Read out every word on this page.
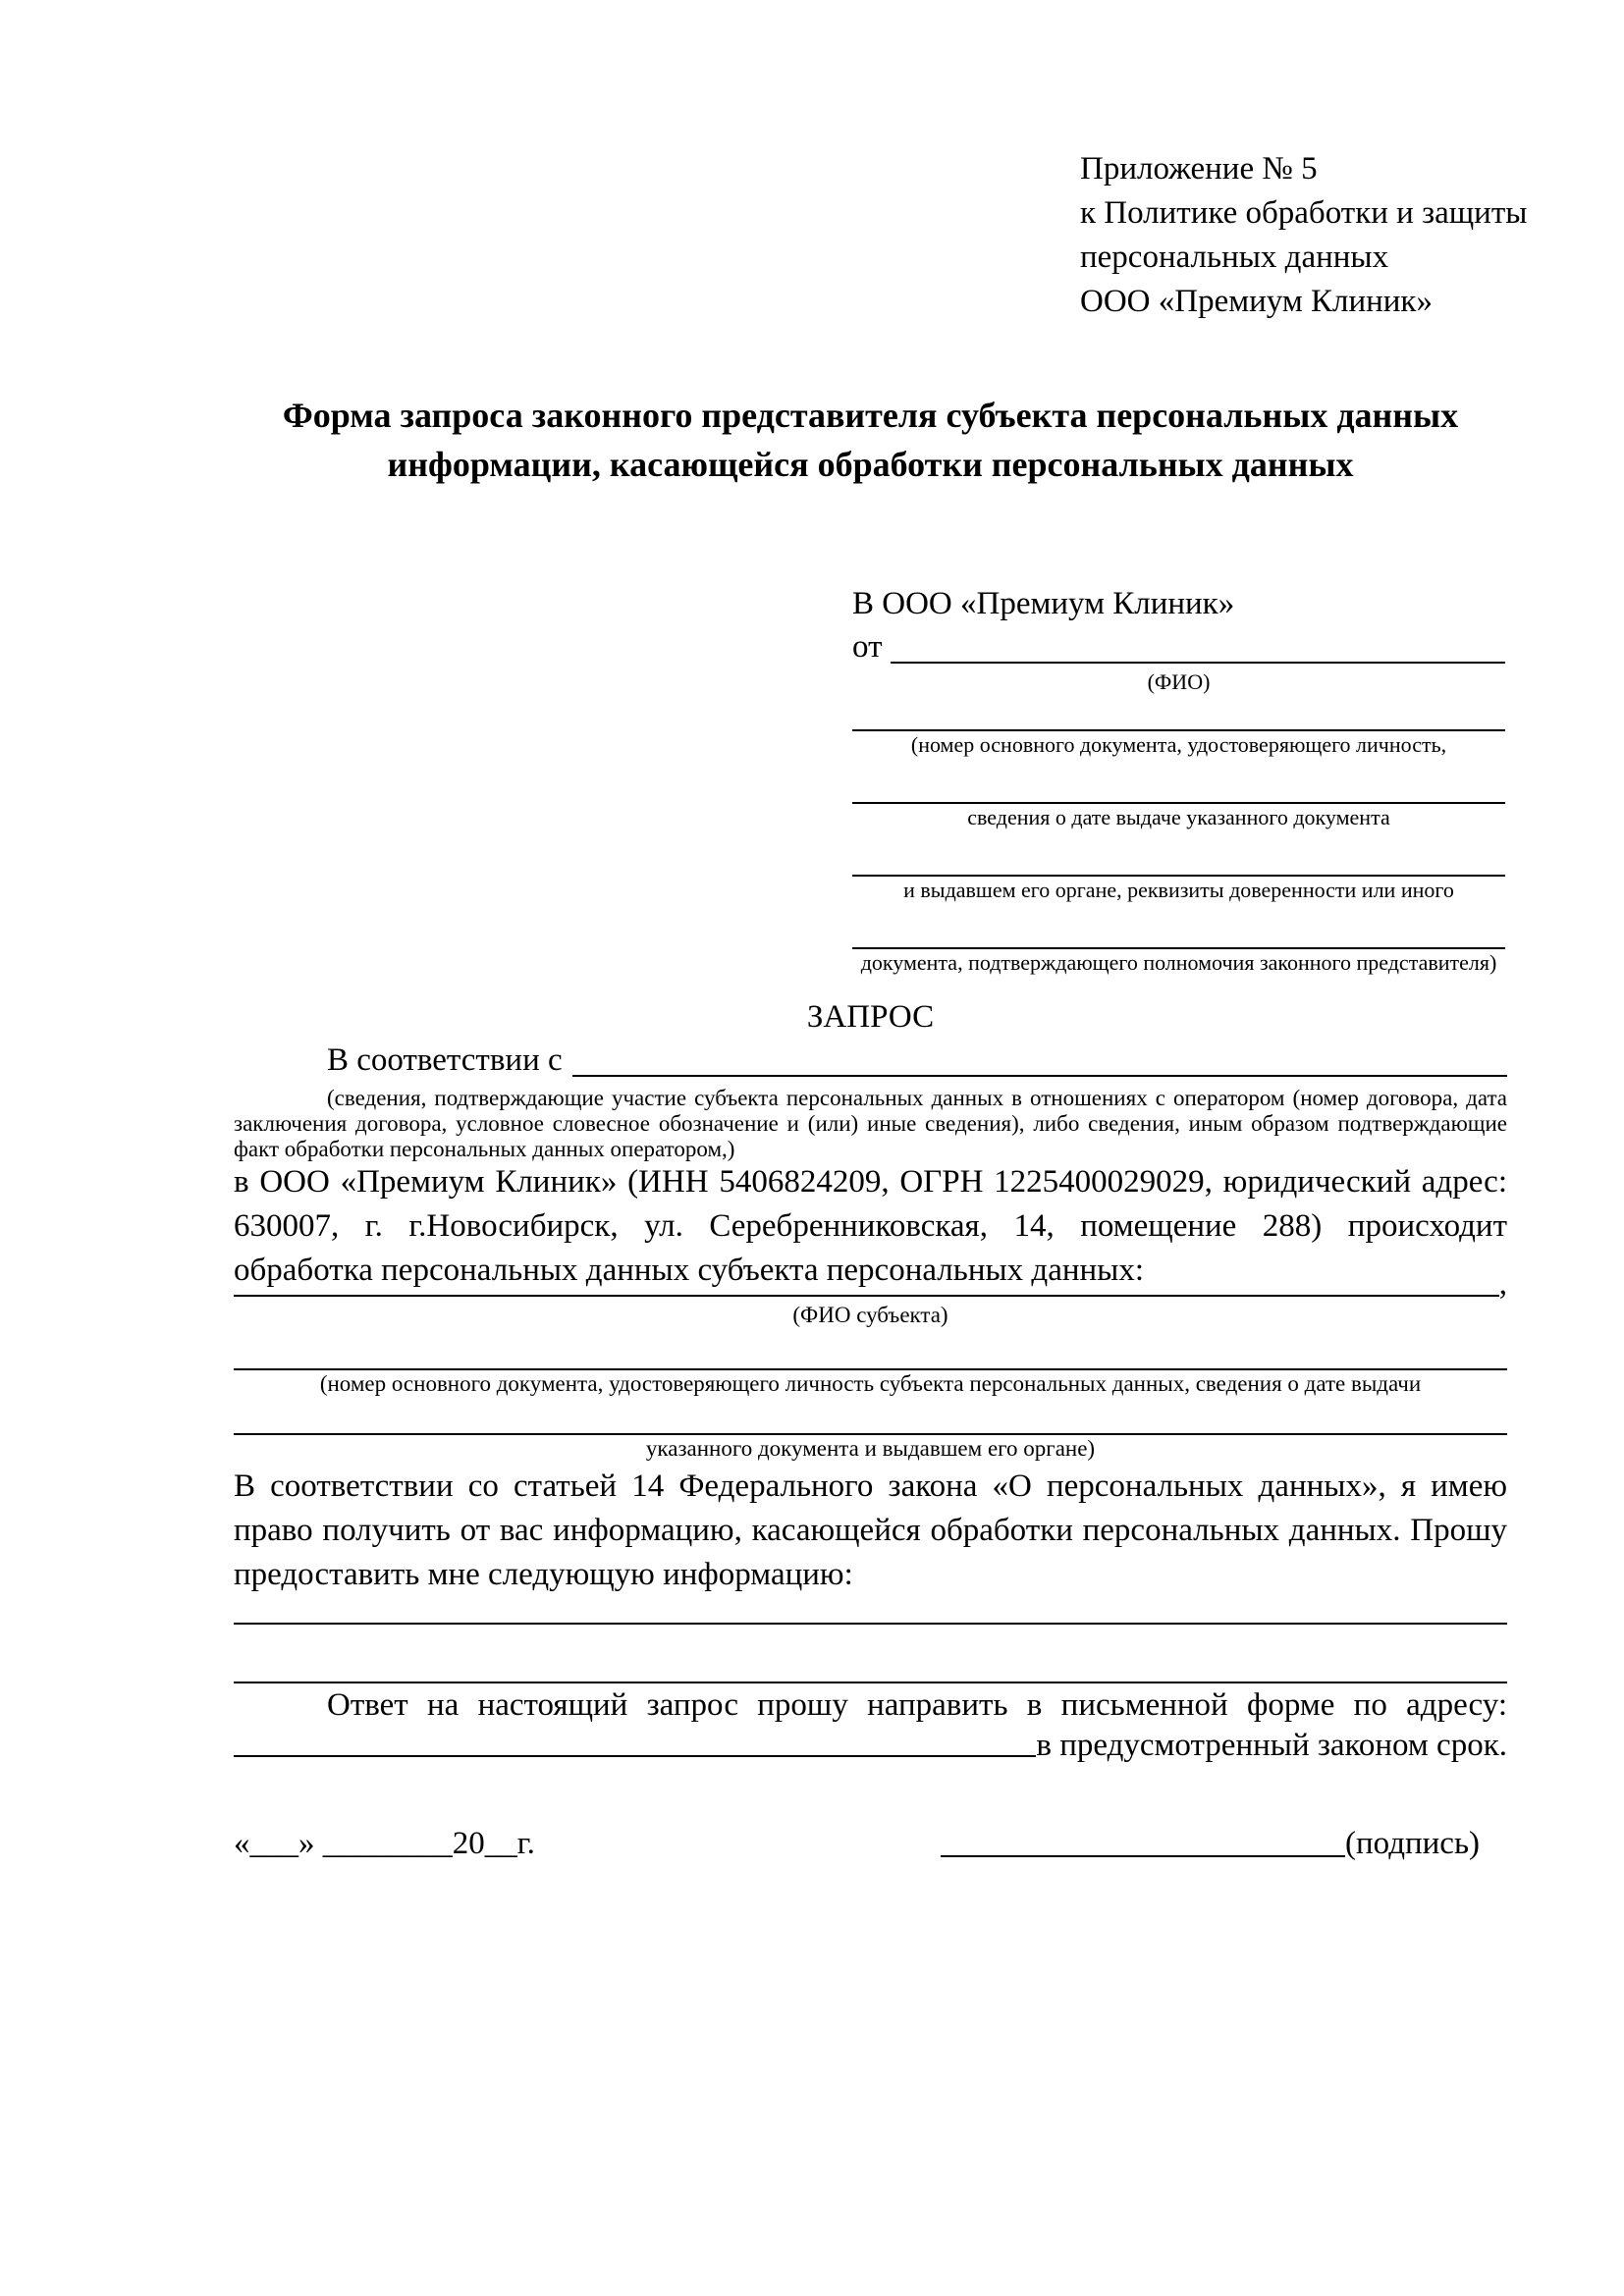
Приложение № 5
к Политике обработки и защиты
персональных данных
ООО «Премиум Клиник»
Форма запроса законного представителя субъекта персональных данных информации, касающейся обработки персональных данных
В ООО «Премиум Клиник»
от
(ФИО)
(номер основного документа, удостоверяющего личность,
сведения о дате выдаче указанного документа
и выдавшем его органе, реквизиты доверенности или иного
документа, подтверждающего полномочия законного представителя)
ЗАПРОС
В соответствии с
(сведения, подтверждающие участие субъекта персональных данных в отношениях с оператором (номер договора, дата заключения договора, условное словесное обозначение и (или) иные сведения), либо сведения, иным образом подтверждающие факт обработки персональных данных оператором,)

в ООО «Премиум Клиник» (ИНН 5406824209, ОГРН 1225400029029, юридический адрес: 630007, г. г.Новосибирск, ул. Серебренниковская, 14, помещение 288) происходит обработка персональных данных субъекта персональных данных:	,
(ФИО субъекта)
(номер основного документа, удостоверяющего личность субъекта персональных данных, сведения о дате выдачи
указанного документа и выдавшем его органе)

В соответствии со статьей 14 Федерального закона «О персональных данных», я имею право получить от вас информацию, касающейся обработки персональных данных. Прошу предоставить мне следующую информацию:

Ответ на настоящий запрос прошу направить в письменной форме по адресу:
в предусмотренный законом срок.
«___» ________20__г.	(подпись)
